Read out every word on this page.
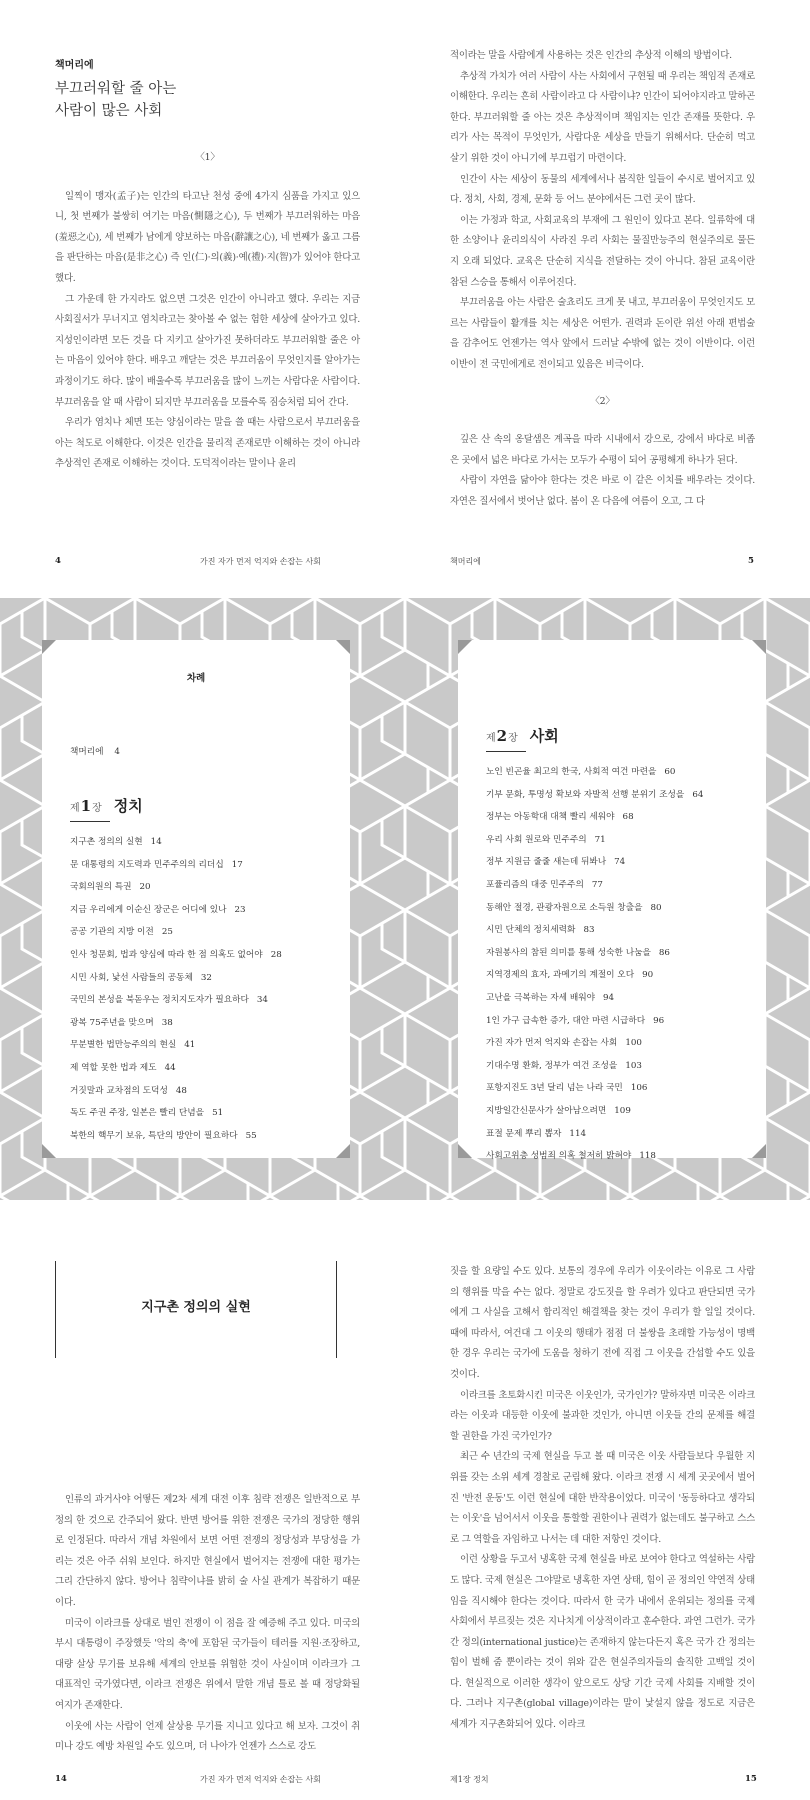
책머리에
부끄러워할 줄 아는
사람이 많은 사회
〈1〉

일찍이 맹자(孟子)는 인간의 타고난 천성 중에 4가지 심품을 가지고 있으니, 첫 번째가 불쌍히 여기는 마음(惻隱之心), 두 번째가 부끄러워하는 마음(羞惡之心), 세 번째가 남에게 양보하는 마음(辭讓之心), 네 번째가 옳고 그름을 판단하는 마음(是非之心) 즉 인(仁)·의(義)·예(禮)·지(智)가 있어야 한다고 했다.

그 가운데 한 가지라도 없으면 그것은 인간이 아니라고 했다. 우리는 지금 사회질서가 무너지고 염치라고는 찾아볼 수 없는 험한 세상에 살아가고 있다. 지성인이라면 모든 것을 다 지키고 살아가진 못하더라도 부끄러워할 줄은 아는 마음이 있어야 한다. 배우고 깨닫는 것은 부끄러움이 무엇인지를 알아가는 과정이기도 하다. 많이 배울수록 부끄러움을 많이 느끼는 사람다운 사람이다. 부끄러움을 알 때 사람이 되지만 부끄러움을 모를수록 짐승처럼 되어 간다.

우리가 염치나 체면 또는 양심이라는 말을 쓸 때는 사람으로서 부끄러움을 아는 척도로 이해한다. 이것은 인간을 물리적 존재로만 이해하는 것이 아니라 추상적인 존재로 이해하는 것이다. 도덕적이라는 말이나 윤리

4	가진 자가 먼저 억지와 손잡는 사회

적이라는 말을 사람에게 사용하는 것은 인간의 추상적 이해의 방법이다.

추상적 가치가 여러 사람이 사는 사회에서 구현될 때 우리는 책임적 존재로 이해한다. 우리는 흔히 사람이라고 다 사람이냐? 인간이 되어야지라고 말하곤 한다. 부끄러워할 줄 아는 것은 추상적이며 책임지는 인간 존재를 뜻한다. 우리가 사는 목적이 무엇인가, 사람다운 세상을 만들기 위해서다. 단순히 먹고 살기 위한 것이 아니기에 부끄럽기 마련이다.

인간이 사는 세상이 동물의 세계에서나 봄직한 일들이 수시로 벌어지고 있다. 정치, 사회, 경제, 문화 등 어느 분야에서든 그런 곳이 많다.

이는 가정과 학교, 사회교육의 부재에 그 원인이 있다고 본다. 일류학에 대한 소양이나 윤리의식이 사라진 우리 사회는 물질만능주의 현실주의로 물든 지 오래 되었다. 교육은 단순히 지식을 전달하는 것이 아니다. 참된 교육이란 참된 스승을 통해서 이루어진다.

부끄러움을 아는 사람은 술쵸리도 크게 못 내고, 부끄러움이 무엇인지도 모르는 사람들이 활개를 치는 세상은 어떤가. 권력과 돈이란 위선 아래 편법술을 감추어도 언젠가는 역사 앞에서 드러날 수밖에 없는 것이 이반이다. 이런 이반이 전 국민에게로 전이되고 있음은 비극이다.

〈2〉

깊은 산 속의 옹달샘은 계곡을 따라 시내에서 강으로, 강에서 바다로 비좁은 곳에서 넓은 바다로 가서는 모두가 수평이 되어 공평해게 하나가 된다.

사람이 자연을 닮아야 한다는 것은 바로 이 같은 이치를 배우라는 것이다. 자연은 질서에서 벗어난 없다. 봄이 온 다음에 여름이 오고, 그 다

책머리에	5
차례
책머리에 4
제 1 장 정치
지구촌 정의의 실현 14
문 대통령의 지도력과 민주주의의 리더십 17
국회의원의 특권 20
지금 우리에게 이순신 장군은 어디에 있나 23
공공 기관의 지방 이전 25
인사 청문회, 법과 양심에 따라 한 점 의혹도 없어야 28
시민 사회, 낯선 사람들의 공동체 32
국민의 본성을 북돋우는 정치지도자가 필요하다 34
광복 75주년을 맞으며 38
무분별한 법만능주의의 현실 41
제 역할 못한 법과 제도 44
거짓말과 교차점의 도덕성 48
독도 주권 주장, 일본은 빨리 단념을 51
북한의 핵무기 보유, 특단의 방안이 필요하다 55
제 2 장 사회
노인 빈곤율 최고의 한국, 사회적 여건 마련을 60
기부 문화, 투명성 확보와 자발적 선행 분위기 조성을 64
정부는 아동학대 대책 빨리 세워야 68
우리 사회 원로와 민주주의 71
정부 지원금 줄줄 새는데 뒤봐나 74
포퓰리즘의 대중 민주주의 77
동해안 절경, 관광자원으로 소득원 창출을 80
시민 단체의 정치세력화 83
자원봉사의 참된 의미를 통해 성숙한 나눔을 86
지역경제의 효자, 과메기의 계절이 오다 90
고난을 극복하는 자세 배워야 94
1인 가구 급속한 증가, 대안 마련 시급하다 96
가진 자가 먼저 억지와 손잡는 사회 100
기대수명 환화, 정부가 여건 조성을 103
포항지진도 3년 달리 넘는 나라 국민 106
지방일간신문사가 살아남으려면 109
표절 문제 뿌리 뽑자 114
사회고위층 성범죄 의혹 철저히 밝혀야 118
지구촌 정의의 실현

인류의 과거사야 어떻든 제2차 세계 대전 이후 침략 전쟁은 일반적으로 부정의 한 것으로 간주되어 왔다. 반면 방어를 위한 전쟁은 국가의 정당한 행위로 인정된다. 따라서 개념 차원에서 보면 어떤 전쟁의 정당성과 부당성을 가리는 것은 아주 쉬워 보인다. 하지만 현실에서 벌어지는 전쟁에 대한 평가는 그리 간단하지 않다. 방어나 침략이냐를 밝히 술 사실 관계가 복잡하기 때문이다.

미국이 이라크를 상대로 벌인 전쟁이 이 점을 잘 예증해 주고 있다. 미국의 부시 대통령이 주장했듯 '악의 축'에 포함된 국가들이 테러를 지원·조장하고, 대량 살상 무기를 보유해 세계의 안보를 위협한 것이 사실이며 이라크가 그 대표적인 국가였다면, 이라크 전쟁은 위에서 말한 개념 틀로 볼 때 정당화될 여지가 존재한다.

이웃에 사는 사람이 언제 살상용 무기를 지니고 있다고 해 보자. 그것이 취미나 강도 예방 차원일 수도 있으며, 더 나아가 언젠가 스스로 강도

14	가진 자가 먼저 억지와 손잡는 사회

짓을 할 요량일 수도 있다. 보통의 경우에 우리가 이웃이라는 이유로 그 사람의 행위를 막을 수는 없다. 정말로 강도짓을 할 우려가 있다고 판단되면 국가에게 그 사실을 고해서 합리적인 해결책을 찾는 것이 우리가 할 일일 것이다. 때에 따라서, 여건대 그 이웃의 행태가 점점 더 불쌍을 초래할 가능성이 명백한 경우 우리는 국가에 도움을 청하기 전에 직접 그 이웃을 간섭할 수도 있을 것이다.

이라크를 초토화시킨 미국은 이웃인가, 국가인가? 말하자면 미국은 이라크라는 이웃과 대등한 이웃에 불과한 것인가, 아니면 이웃들 간의 문제를 해결할 권한을 가진 국가인가?

최근 수 년간의 국제 현실을 두고 볼 때 미국은 이웃 사람들보다 우월한 지위를 갖는 소위 세계 경찰로 군림해 왔다. 이라크 전쟁 시 세계 곳곳에서 벌어진 '반전 운동'도 이런 현실에 대한 반작용이었다. 미국이 '동등하다고 생각되는 이웃'을 넘어서서 이웃을 통할할 권한이나 권력가 없는데도 불구하고 스스로 그 역할을 자임하고 나서는 데 대한 저항인 것이다.

이런 상황을 두고서 냉혹한 국제 현실을 바로 보여야 한다고 역설하는 사람도 많다. 국제 현실은 그야말로 냉혹한 자연 상태, 힘이 곧 정의인 약연적 상태임을 직시해야 한다는 것이다. 따라서 한 국가 내에서 운위되는 정의를 국제 사회에서 부르짖는 것은 지나치게 이상적이라고 훈수한다. 과연 그런가. 국가 간 정의(international justice)는 존재하지 않는다든지 혹은 국가 간 정의는 힘이 벌해 줌 뿐이라는 것이 위와 같은 현실주의자들의 솔직한 고백일 것이다. 현실적으로 이러한 생각이 앞으로도 상당 기간 국제 사회를 지배할 것이다. 그러나 지구촌(global village)이라는 말이 낯설지 않을 정도로 지금은 세계가 지구촌화되어 있다. 이라크

제1장 정치	15
